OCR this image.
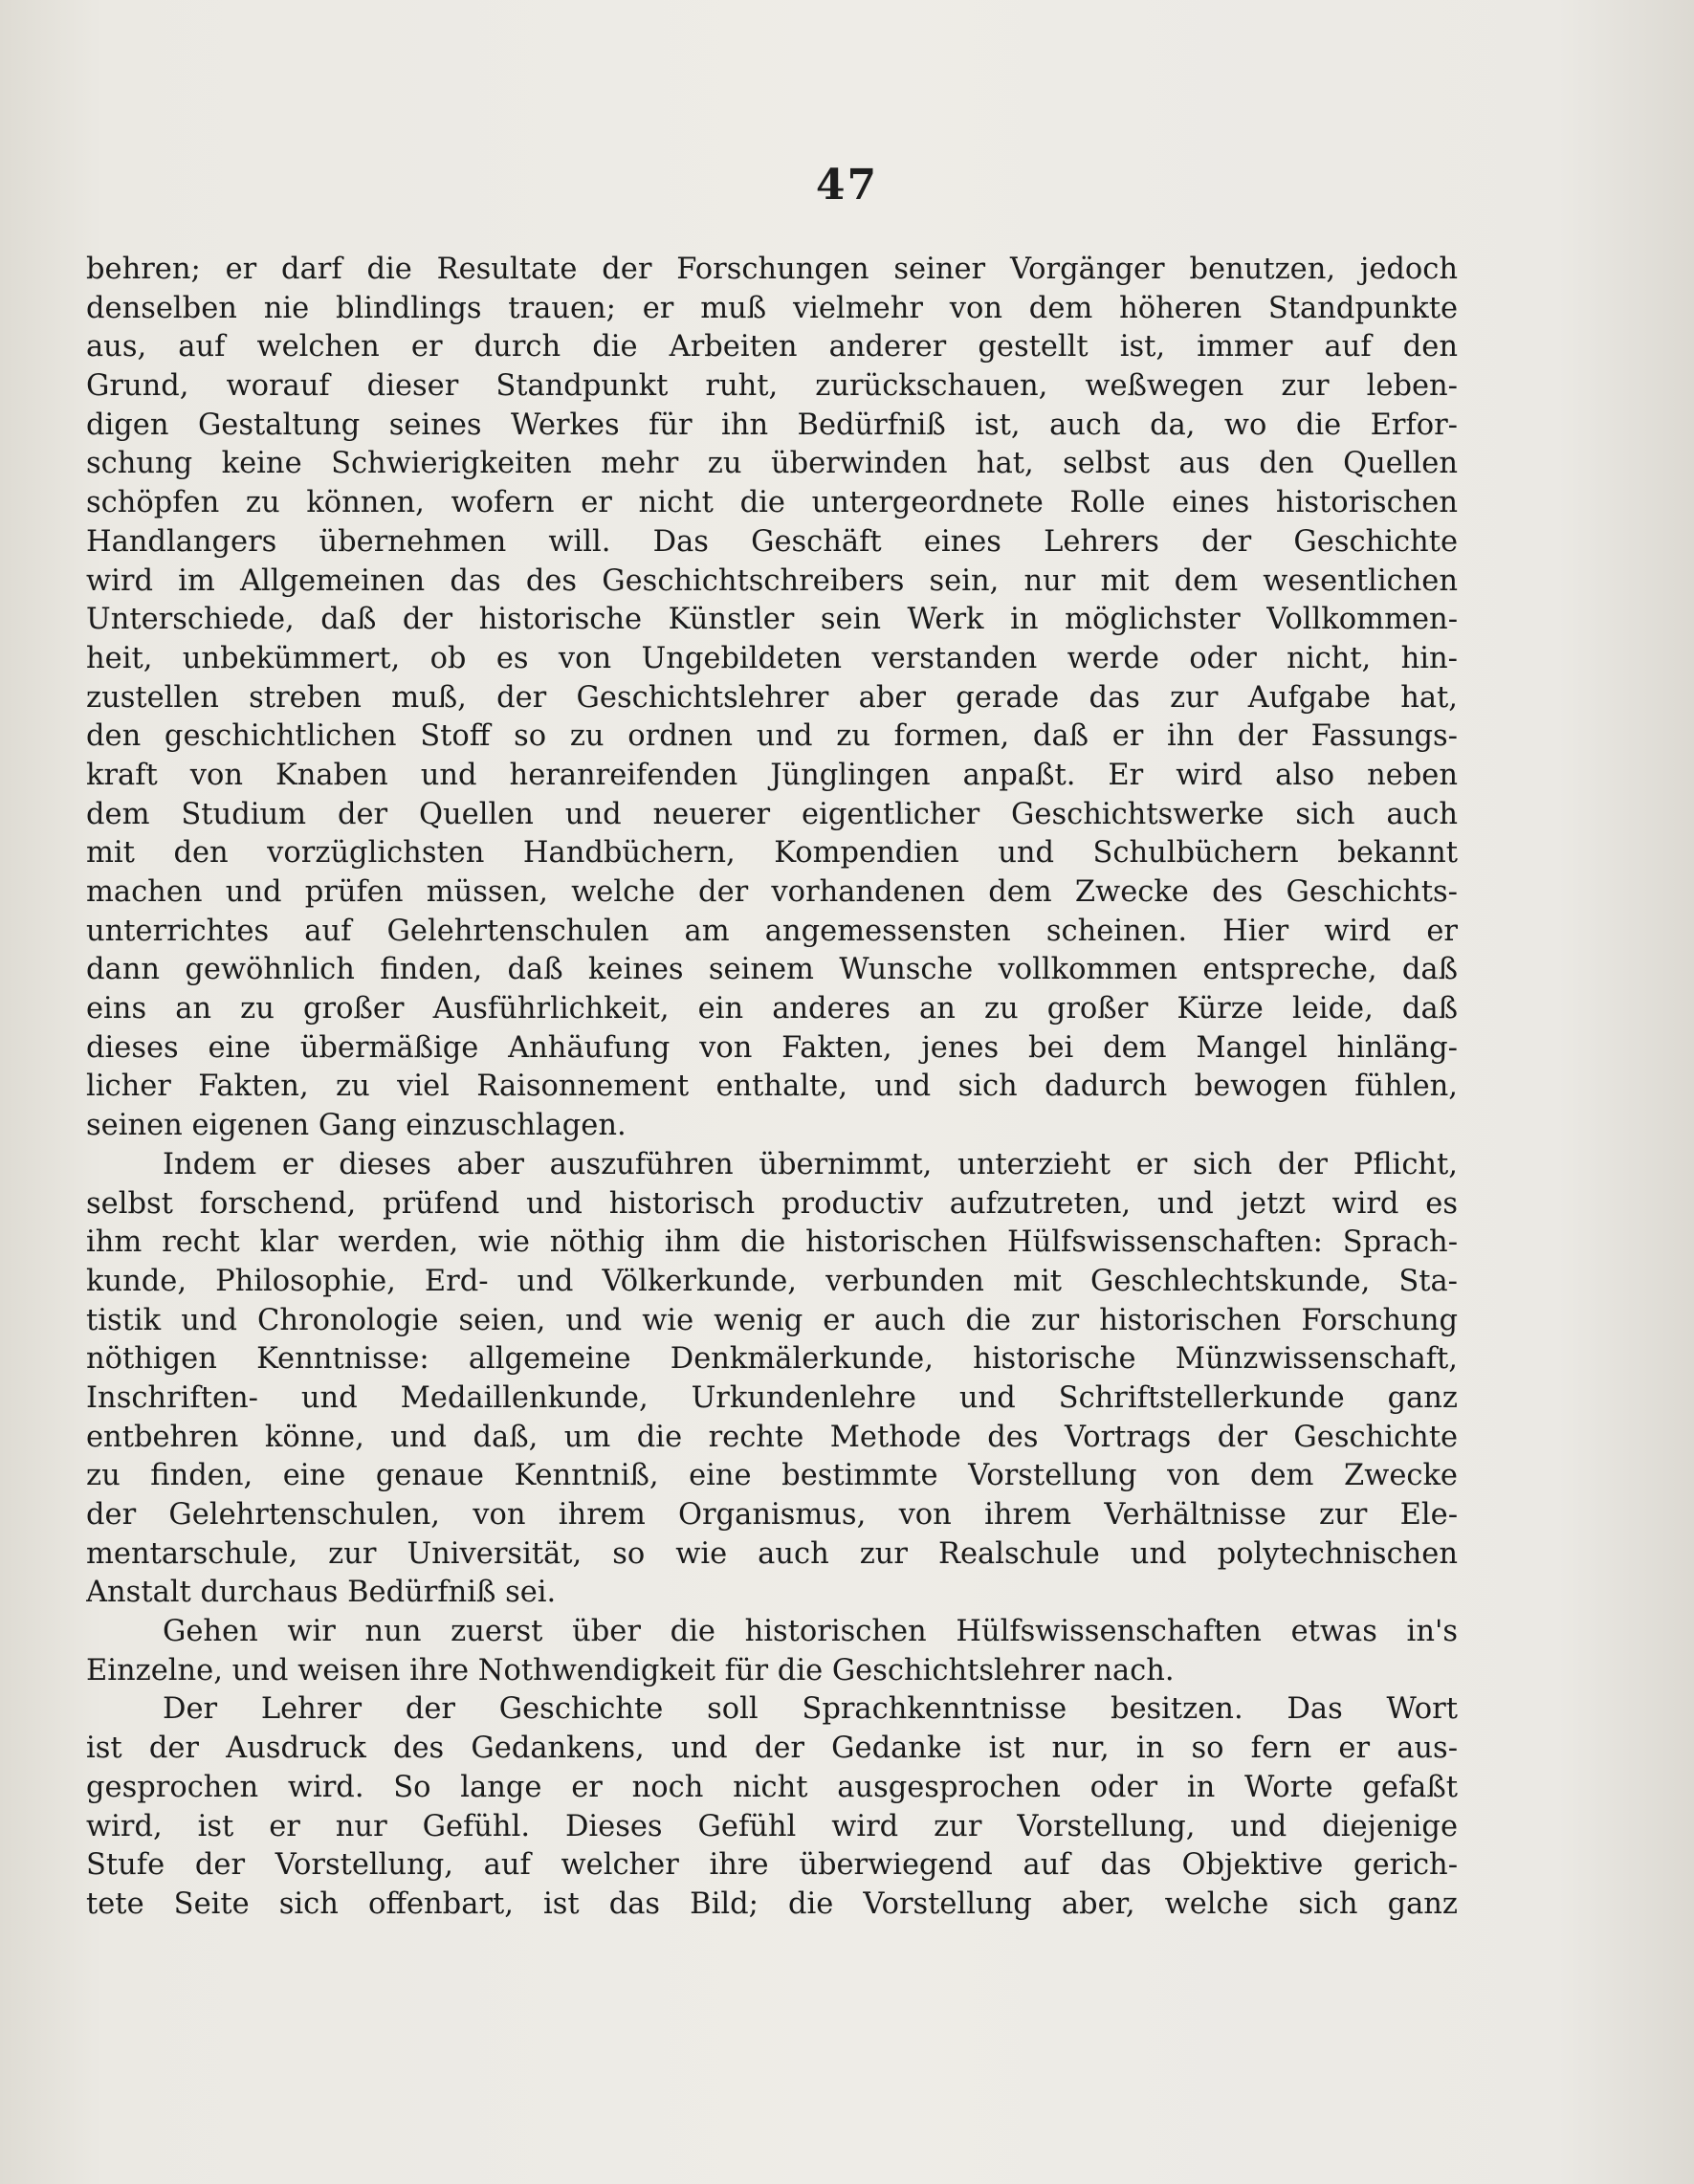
47
behren; er darf die Resultate der Forschungen seiner Vorgänger benutzen, jedoch
denselben nie blindlings trauen; er muß vielmehr von dem höheren Standpunkte
aus, auf welchen er durch die Arbeiten anderer gestellt ist, immer auf den
Grund, worauf dieser Standpunkt ruht, zurückschauen, weßwegen zur leben-
digen Gestaltung seines Werkes für ihn Bedürfniß ist, auch da, wo die Erfor-
schung keine Schwierigkeiten mehr zu überwinden hat, selbst aus den Quellen
schöpfen zu können, wofern er nicht die untergeordnete Rolle eines historischen
Handlangers übernehmen will. Das Geschäft eines Lehrers der Geschichte
wird im Allgemeinen das des Geschichtschreibers sein, nur mit dem wesentlichen
Unterschiede, daß der historische Künstler sein Werk in möglichster Vollkommen-
heit, unbekümmert, ob es von Ungebildeten verstanden werde oder nicht, hin-
zustellen streben muß, der Geschichtslehrer aber gerade das zur Aufgabe hat,
den geschichtlichen Stoff so zu ordnen und zu formen, daß er ihn der Fassungs-
kraft von Knaben und heranreifenden Jünglingen anpaßt. Er wird also neben
dem Studium der Quellen und neuerer eigentlicher Geschichtswerke sich auch
mit den vorzüglichsten Handbüchern, Kompendien und Schulbüchern bekannt
machen und prüfen müssen, welche der vorhandenen dem Zwecke des Geschichts-
unterrichtes auf Gelehrtenschulen am angemessensten scheinen. Hier wird er
dann gewöhnlich finden, daß keines seinem Wunsche vollkommen entspreche, daß
eins an zu großer Ausführlichkeit, ein anderes an zu großer Kürze leide, daß
dieses eine übermäßige Anhäufung von Fakten, jenes bei dem Mangel hinläng-
licher Fakten, zu viel Raisonnement enthalte, und sich dadurch bewogen fühlen,
seinen eigenen Gang einzuschlagen.
Indem er dieses aber auszuführen übernimmt, unterzieht er sich der Pflicht,
selbst forschend, prüfend und historisch productiv aufzutreten, und jetzt wird es
ihm recht klar werden, wie nöthig ihm die historischen Hülfswissenschaften: Sprach-
kunde, Philosophie, Erd- und Völkerkunde, verbunden mit Geschlechtskunde, Sta-
tistik und Chronologie seien, und wie wenig er auch die zur historischen Forschung
nöthigen Kenntnisse: allgemeine Denkmälerkunde, historische Münzwissenschaft,
Inschriften- und Medaillenkunde, Urkundenlehre und Schriftstellerkunde ganz
entbehren könne, und daß, um die rechte Methode des Vortrags der Geschichte
zu finden, eine genaue Kenntniß, eine bestimmte Vorstellung von dem Zwecke
der Gelehrtenschulen, von ihrem Organismus, von ihrem Verhältnisse zur Ele-
mentarschule, zur Universität, so wie auch zur Realschule und polytechnischen
Anstalt durchaus Bedürfniß sei.
Gehen wir nun zuerst über die historischen Hülfswissenschaften etwas in's
Einzelne, und weisen ihre Nothwendigkeit für die Geschichtslehrer nach.
Der Lehrer der Geschichte soll Sprachkenntnisse besitzen. Das Wort
ist der Ausdruck des Gedankens, und der Gedanke ist nur, in so fern er aus-
gesprochen wird. So lange er noch nicht ausgesprochen oder in Worte gefaßt
wird, ist er nur Gefühl. Dieses Gefühl wird zur Vorstellung, und diejenige
Stufe der Vorstellung, auf welcher ihre überwiegend auf das Objektive gerich-
tete Seite sich offenbart, ist das Bild; die Vorstellung aber, welche sich ganz
